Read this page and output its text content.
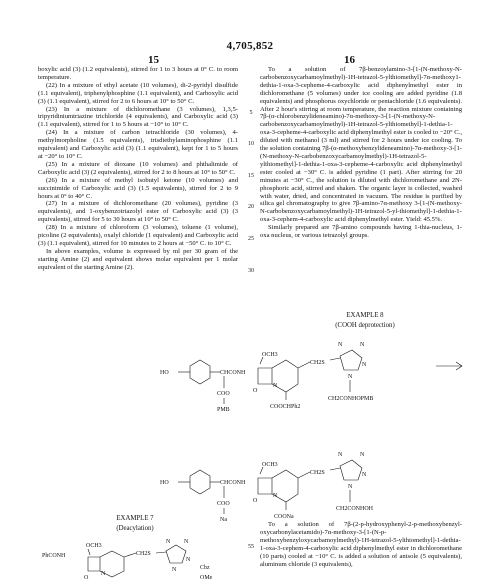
4,705,852
15	16

boxylic acid (3) (1.2 equivalents), stirred for 1 to 3 hours at 0° C. to room temperature.

(22) In a mixture of ethyl acetate (10 volumes), di-2-pyridyl disulfide (1.1 equivalent), triphenylphosphine (1.1 equivalent), and Carboxylic acid (3) (1.1 equivalent), stirred for 2 to 6 hours at 10° to 50° C.

(23) In a mixture of dichloromethane (3 volumes), 1,3,5-tripyridiniumtriazine trichloride (4 equivalents), and Carboxylic acid (3) (1.1 equivalent), stirred for 1 to 5 hours at −10° to 10° C.

(24) In a mixture of carbon tetrachloride (30 volumes), 4-methylmorpholine (1.5 equivalents), trisdiethylaminophosphine (1.1 equivalent) and Carboxylic acid (3) (1.1 equivalent), kept for 1 to 5 hours at −20° to 10° C.

(25) In a mixture of dioxane (10 volumes) and phthalimide of Carboxylic acid (3) (2 equivalents), stirred for 2 to 8 hours at 10° to 50° C.

(26) In a mixture of methyl isobutyl ketone (10 volumes) and succinimide of Carboxylic acid (3) (1.5 equivalents), stirred for 2 to 9 hours at 0° to 40° C.

(27) In a mixture of dichloromethane (20 volumes), pyridine (3 equivalents), and 1-oxybenzotriazolyl ester of Carboxylic acid (3) (3 equivalents), stirred for 5 to 30 hours at 10° to 50° C.

(28) In a mixture of chloroform (3 volumes), toluene (1 volume), picoline (2 equivalents), oxalyl chloride (1 equivalent) and Carboxylic acid (3) (1.1 equivalent), stirred for 10 minutes to 2 hours at −50° C. to 10° C.

In above examples, volume is expressed by ml per 30 gram of the starting Amine (2) and equivalent shows molar equivalent per 1 molar equivalent of the starting Amine (2).

To a solution of 7β-benzoylamino-3-[1-(N-methoxy-N-carbobenzoxycarbamoylmethyl)-1H-tetrazol-5-ylthiomethyl]-7α-methoxy1-dethia-1-oxa-3-cepheme-4-carboxylic acid diphenylmethyl ester in dichloromethane (5 volumes) under ice cooling are added pyridine (1.8 equivalents) and phosphorus oxychloride or pentachloride (1.6 equivalents). After 2 hour's stirring at room temperature, the reaction mixture containing 7β-(α-chlorobenzylideneamino)-7α-methoxy-3-[1-(N-methoxy-N-carbobenzoxycarbamoylmethyl)-1H-tetrazol-5-ylthiomethyl]-1-dethia-1-oxa-3-cepheme-4-carboxylic acid diphenylmethyl ester is cooled to −20° C., diluted with methanol (3 ml) and stirred for 2 hours under ice cooling. To the solution containing 7β-(α-methoxybenzylideneamino)-7α-methoxy-3-[1-(N-methoxy-N-carbobenzoxycarbamoylmethyl)-1H-tetrazol-5-ylthiomethyl]-1-dethia-1-oxa-3-cepheme-4-carboxylic acid diphenylmethyl ester cooled at −30° C. is added pyridine (1 part). After stirring for 20 minutes at −30° C., the solution is diluted with dichloromethane and 2N-phosphoric acid, stirred and shaken. The organic layer is collected, washed with water, dried, and concentrated in vacuum. The residue is purified by silica gel chromatography to give 7β-amino-7α-methoxy 3-[1-(N-methoxy-N-carbobenzoxycarbamoylmethyl)-1H-tetrazol-5-yl-thiomethyl]-1-dethia-1-oxa-3-cephem-4-carboxylic acid diphenylmethyl ester. Yield: 45.5%.

Similarly prepared are 7β-amino compounds having 1-thia-nucleus, 1-oxa nucleus, or various tetrazolyl groups.

5
10
15
20
25
30
EXAMPLE 8
(COOH deprotection)
HO	CHCONH
COO
PMB
OCH3
O
N
CH2S
COOCHPh2
N	N
N
N
CH2CONHOPMB
HO	CHCONH
COO
Na
OCH3
O
N
CH2S
COONa
N	N
N
N
CH2CONHOH
EXAMPLE 7
(Deacylation)
PhCONH
OCH3
O
N
CH2S
N N
N
N	Cbz
OMe
55
To a solution of 7β-(2-p-hydroxyphenyl-2-p-methoxybenzyl-oxycarbonylacetamido)-7α-methoxy-3-[1-(N-p-methoxybenzyloxycarbamoylmethyl)-1H-tetrazol-5-ylthiomethyl]-1-dethia-1-oxa-3-cephem-4-carboxylic acid diphenylmethyl ester in dichloromethane (10 parts) cooled at −10° C. is added a solution of anisole (5 equivalents), aluminum chloride (3 equivalents),
